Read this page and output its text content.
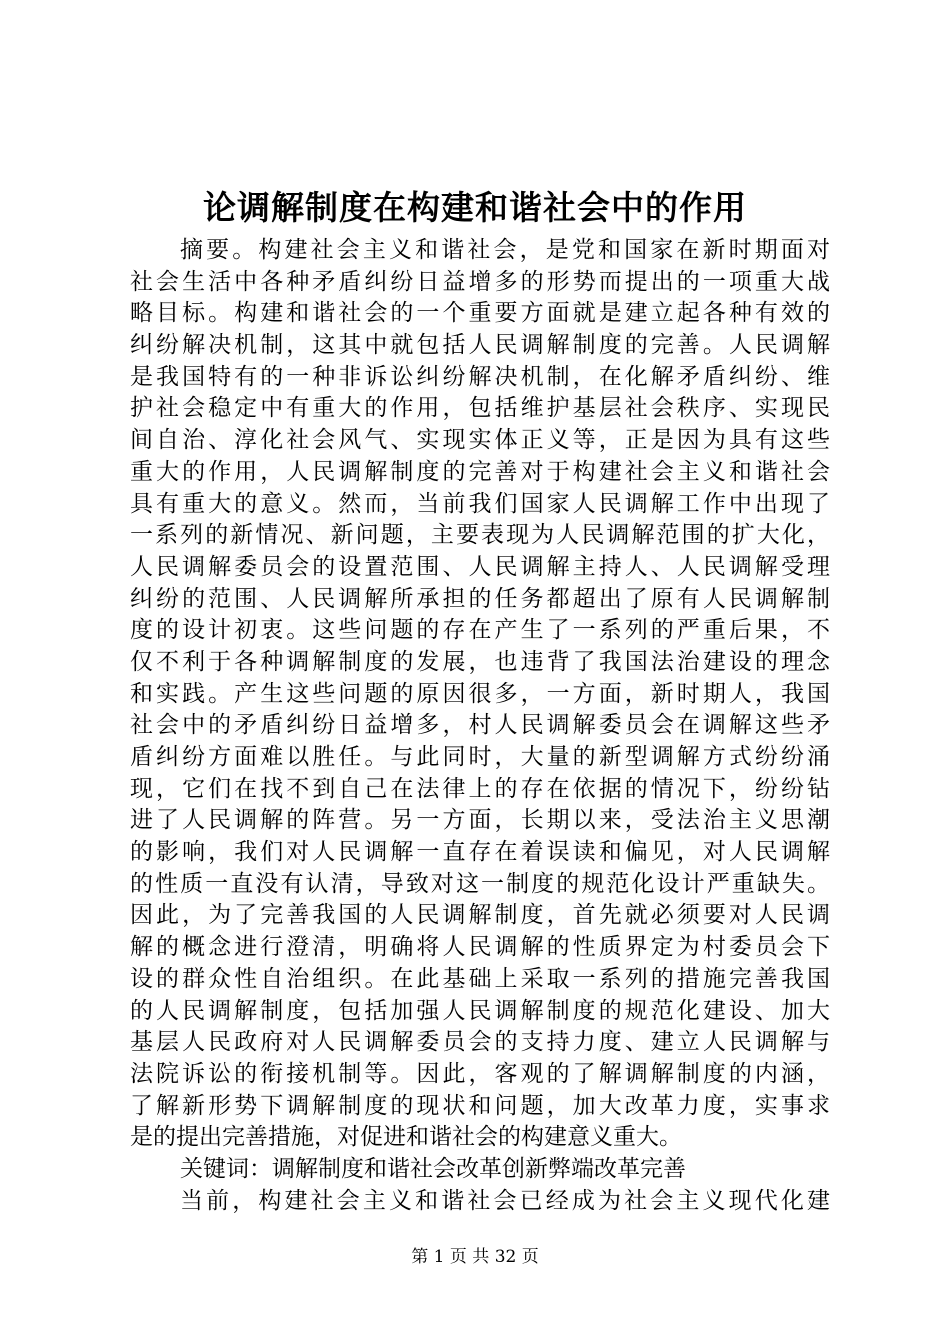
论调解制度在构建和谐社会中的作用
摘要。构建社会主义和谐社会，是党和国家在新时期面对
社会生活中各种矛盾纠纷日益增多的形势而提出的一项重大战
略目标。构建和谐社会的一个重要方面就是建立起各种有效的
纠纷解决机制，这其中就包括人民调解制度的完善。人民调解
是我国特有的一种非诉讼纠纷解决机制，在化解矛盾纠纷、维
护社会稳定中有重大的作用，包括维护基层社会秩序、实现民
间自治、淳化社会风气、实现实体正义等，正是因为具有这些
重大的作用，人民调解制度的完善对于构建社会主义和谐社会
具有重大的意义。然而，当前我们国家人民调解工作中出现了
一系列的新情况、新问题，主要表现为人民调解范围的扩大化，
人民调解委员会的设置范围、人民调解主持人、人民调解受理
纠纷的范围、人民调解所承担的任务都超出了原有人民调解制
度的设计初衷。这些问题的存在产生了一系列的严重后果，不
仅不利于各种调解制度的发展，也违背了我国法治建设的理念
和实践。产生这些问题的原因很多，一方面，新时期人，我国
社会中的矛盾纠纷日益增多，村人民调解委员会在调解这些矛
盾纠纷方面难以胜任。与此同时，大量的新型调解方式纷纷涌
现，它们在找不到自己在法律上的存在依据的情况下，纷纷钻
进了人民调解的阵营。另一方面，长期以来，受法治主义思潮
的影响，我们对人民调解一直存在着误读和偏见，对人民调解
的性质一直没有认清，导致对这一制度的规范化设计严重缺失。
因此，为了完善我国的人民调解制度，首先就必须要对人民调
解的概念进行澄清，明确将人民调解的性质界定为村委员会下
设的群众性自治组织。在此基础上采取一系列的措施完善我国
的人民调解制度，包括加强人民调解制度的规范化建设、加大
基层人民政府对人民调解委员会的支持力度、建立人民调解与
法院诉讼的衔接机制等。因此，客观的了解调解制度的内涵，
了解新形势下调解制度的现状和问题，加大改革力度，实事求
是的提出完善措施，对促进和谐社会的构建意义重大。
关键词：调解制度和谐社会改革创新弊端改革完善
当前，构建社会主义和谐社会已经成为社会主义现代化建
第 1 页 共 32 页
